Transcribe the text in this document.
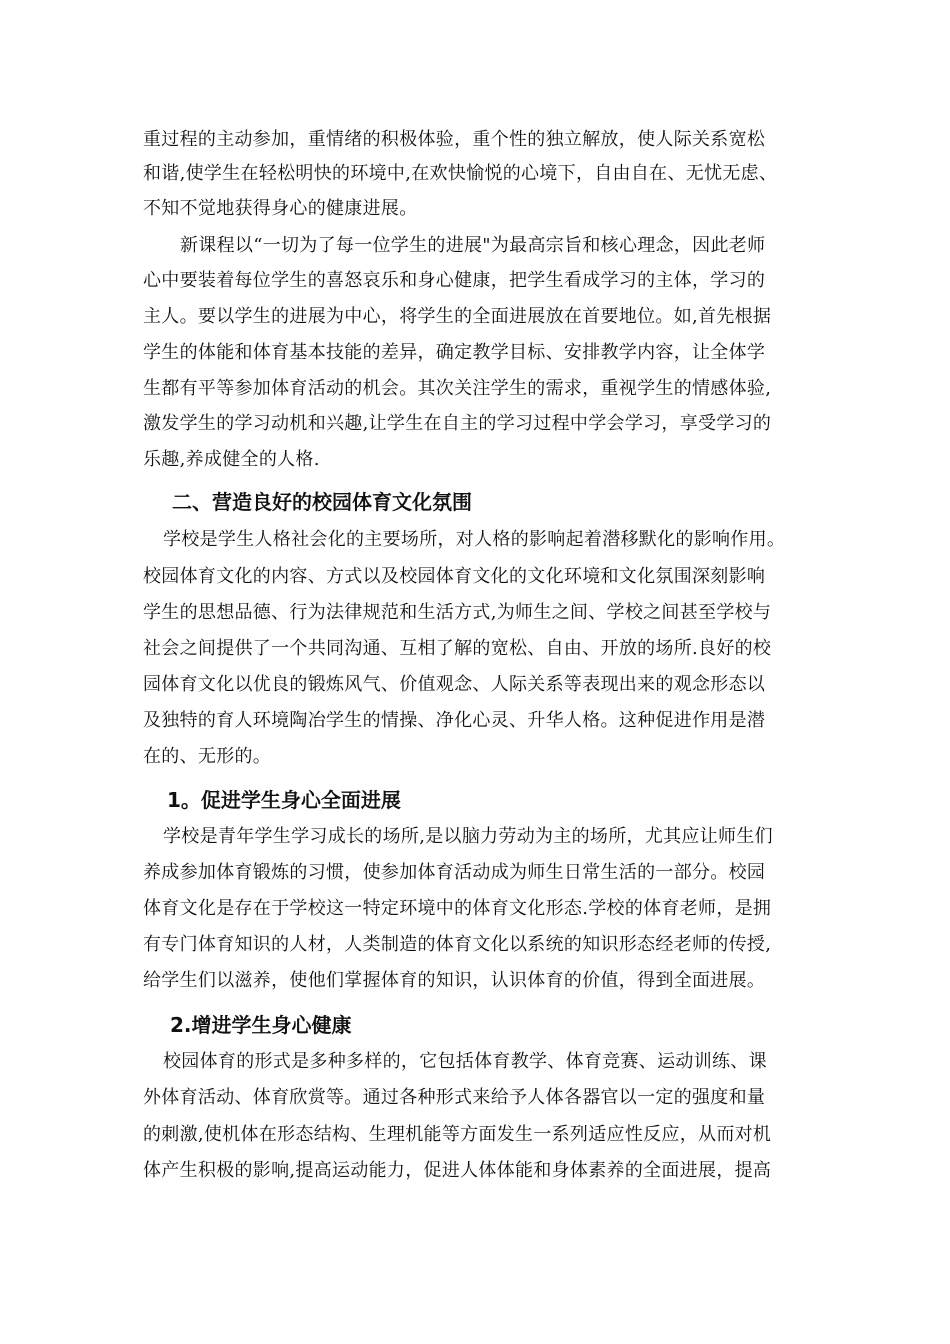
重过程的主动参加，重情绪的积极体验，重个性的独立解放，使人际关系宽松
和谐,使学生在轻松明快的环境中,在欢快愉悦的心境下，自由自在、无忧无虑、
不知不觉地获得身心的健康进展。
新课程以“一切为了每一位学生的进展"为最高宗旨和核心理念，因此老师
心中要装着每位学生的喜怒哀乐和身心健康，把学生看成学习的主体，学习的
主人。要以学生的进展为中心，将学生的全面进展放在首要地位。如,首先根据
学生的体能和体育基本技能的差异，确定教学目标、安排教学内容，让全体学
生都有平等参加体育活动的机会。其次关注学生的需求，重视学生的情感体验,
激发学生的学习动机和兴趣,让学生在自主的学习过程中学会学习，享受学习的
乐趣,养成健全的人格.
二、营造良好的校园体育文化氛围
学校是学生人格社会化的主要场所，对人格的影响起着潜移默化的影响作用。
校园体育文化的内容、方式以及校园体育文化的文化环境和文化氛围深刻影响
学生的思想品德、行为法律规范和生活方式,为师生之间、学校之间甚至学校与
社会之间提供了一个共同沟通、互相了解的宽松、自由、开放的场所.良好的校
园体育文化以优良的锻炼风气、价值观念、人际关系等表现出来的观念形态以
及独特的育人环境陶冶学生的情操、净化心灵、升华人格。这种促进作用是潜
在的、无形的。
1。促进学生身心全面进展
学校是青年学生学习成长的场所,是以脑力劳动为主的场所，尤其应让师生们
养成参加体育锻炼的习惯，使参加体育活动成为师生日常生活的一部分。校园
体育文化是存在于学校这一特定环境中的体育文化形态.学校的体育老师，是拥
有专门体育知识的人材，人类制造的体育文化以系统的知识形态经老师的传授,
给学生们以滋养，使他们掌握体育的知识，认识体育的价值，得到全面进展。
2.增进学生身心健康
校园体育的形式是多种多样的，它包括体育教学、体育竞赛、运动训练、课
外体育活动、体育欣赏等。通过各种形式来给予人体各器官以一定的强度和量
的刺激,使机体在形态结构、生理机能等方面发生一系列适应性反应，从而对机
体产生积极的影响,提高运动能力，促进人体体能和身体素养的全面进展，提高
